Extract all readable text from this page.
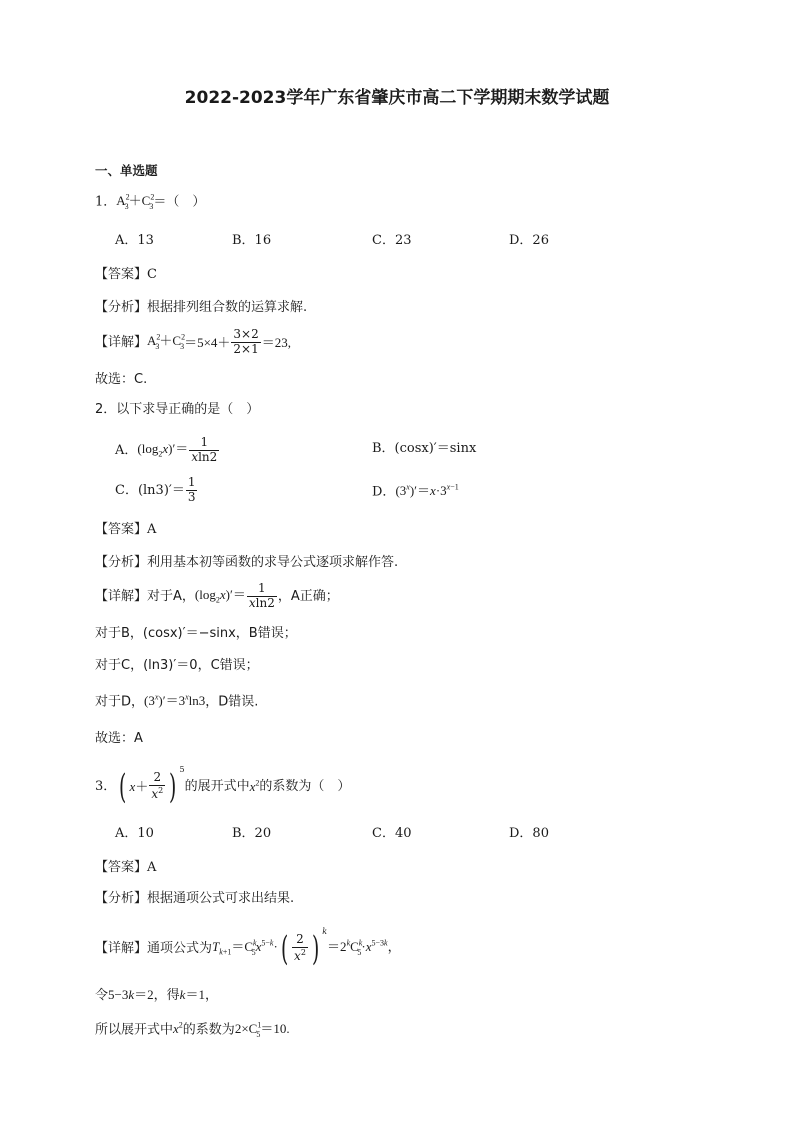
2022-2023学年广东省肇庆市高二下学期期末数学试题
一、单选题
1．$A^2_3+C^2_3=$（　）
A．13	B．16	C．23	D．26
【答案】C
【分析】根据排列组合数的运算求解.
【详解】$A^2_3+C^2_3=5\times 4+ \frac{3\times 2}{2\times 1} =23$,
故选：C.
2．以下求导正确的是（　）
A．$(\log_2x)'= \frac{1}{xln2}$	B．(cosx)′＝sinx
C．$(\ln 3)'= \frac{1}{3}$	D．$(3^x)'=x\cdot 3^{x-1}$
【答案】A
【分析】利用基本初等函数的求导公式逐项求解作答.
【详解】对于A，$(\log_2x)'= \frac{1}{xln2}$ ，A正确；
对于B，(cosx)′＝−sinx，B错误；
对于C，(ln3)′＝0，C错误；
对于D，$(3^x)'=3^x\ln 3$，D错误.
故选：A
3．( $x+ \frac{2}{x^2}$ ) $^5$的展开式中$x^2$的系数为（　）
A．10	B．20	C．40	D．80
【答案】A
【分析】根据通项公式可求出结果.
【详解】通项公式为$T_{k+1}=C^k_5x^{5-k}\cdot( \frac{2}{x^2}$ ) $^k=2^kC^k_5\cdot x^{5-3k}$，
令5−3k＝2，得k＝1，
所以展开式中$x^2$的系数为$2\times C^1_5=10$.
